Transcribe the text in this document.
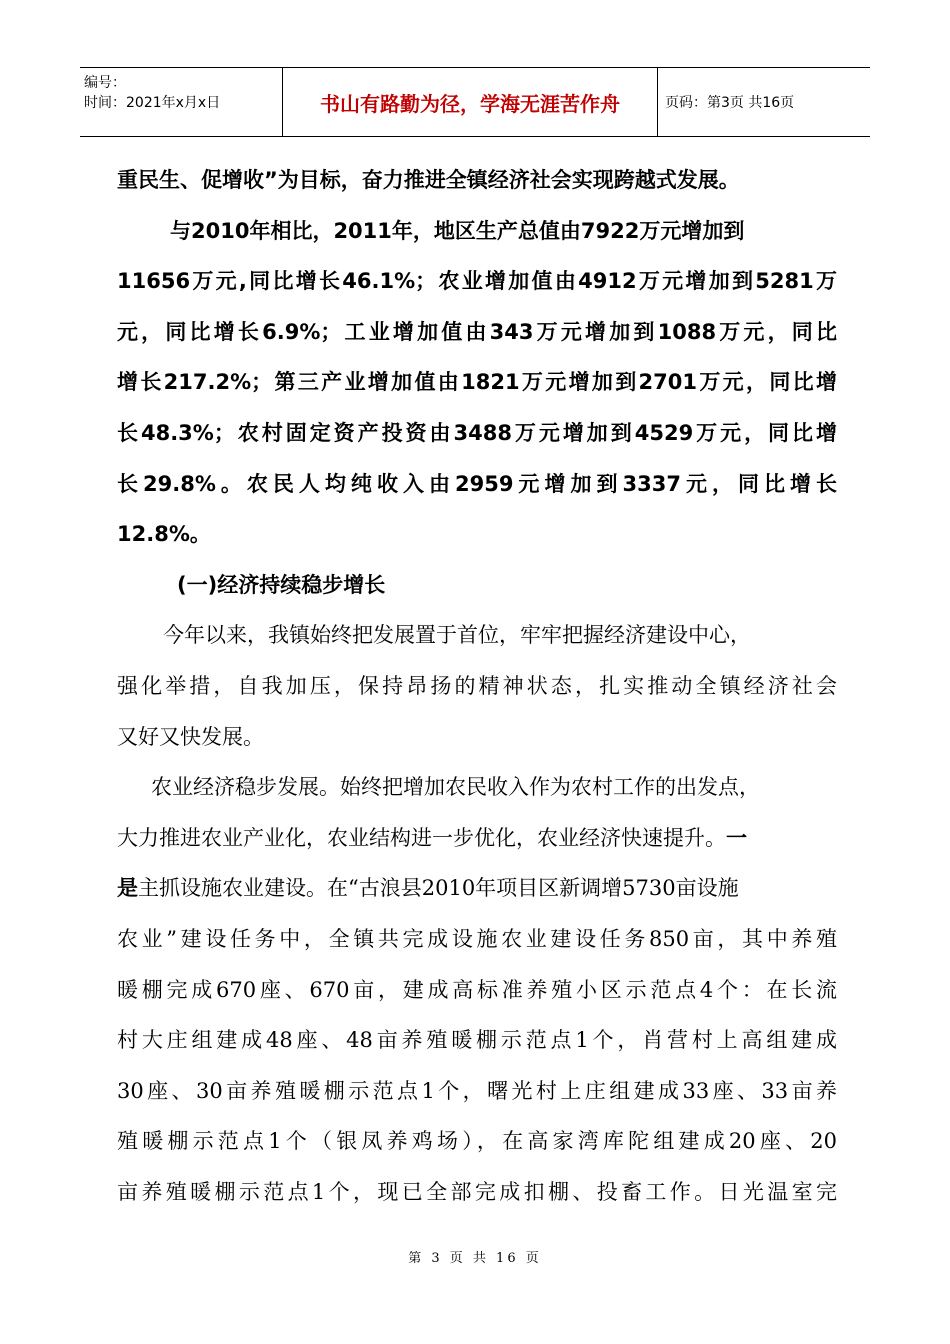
编号：
时间：2021年x月x日	书山有路勤为径，学海无涯苦作舟	页码：第3页 共16页
重民生、促增收”为目标，奋力推进全镇经济社会实现跨越式发展。
与2010年相比，2011年，地区生产总值由7922万元增加到
11656万元,同比增长46.1%；农业增加值由4912万元增加到5281万
元，同比增长6.9%；工业增加值由343万元增加到1088万元，同比
增长217.2%；第三产业增加值由1821万元增加到2701万元，同比增
长48.3%；农村固定资产投资由3488万元增加到4529万元，同比增
长29.8%。农民人均纯收入由2959元增加到3337元，同比增长
12.8%。
(一)经济持续稳步增长
今年以来，我镇始终把发展置于首位，牢牢把握经济建设中心，
强化举措，自我加压，保持昂扬的精神状态，扎实推动全镇经济社会
又好又快发展。
农业经济稳步发展。始终把增加农民收入作为农村工作的出发点，
大力推进农业产业化，农业结构进一步优化，农业经济快速提升。一
是主抓设施农业建设。在“古浪县2010年项目区新调增5730亩设施
农业”建设任务中，全镇共完成设施农业建设任务850亩，其中养殖
暖棚完成670座、670亩，建成高标准养殖小区示范点4个：在长流
村大庄组建成48座、48亩养殖暖棚示范点1个，肖营村上高组建成
30座、30亩养殖暖棚示范点1个，曙光村上庄组建成33座、33亩养
殖暖棚示范点1个（银凤养鸡场），在高家湾库陀组建成20座、20
亩养殖暖棚示范点1个，现已全部完成扣棚、投畜工作。日光温室完
第 3 页 共 16 页
